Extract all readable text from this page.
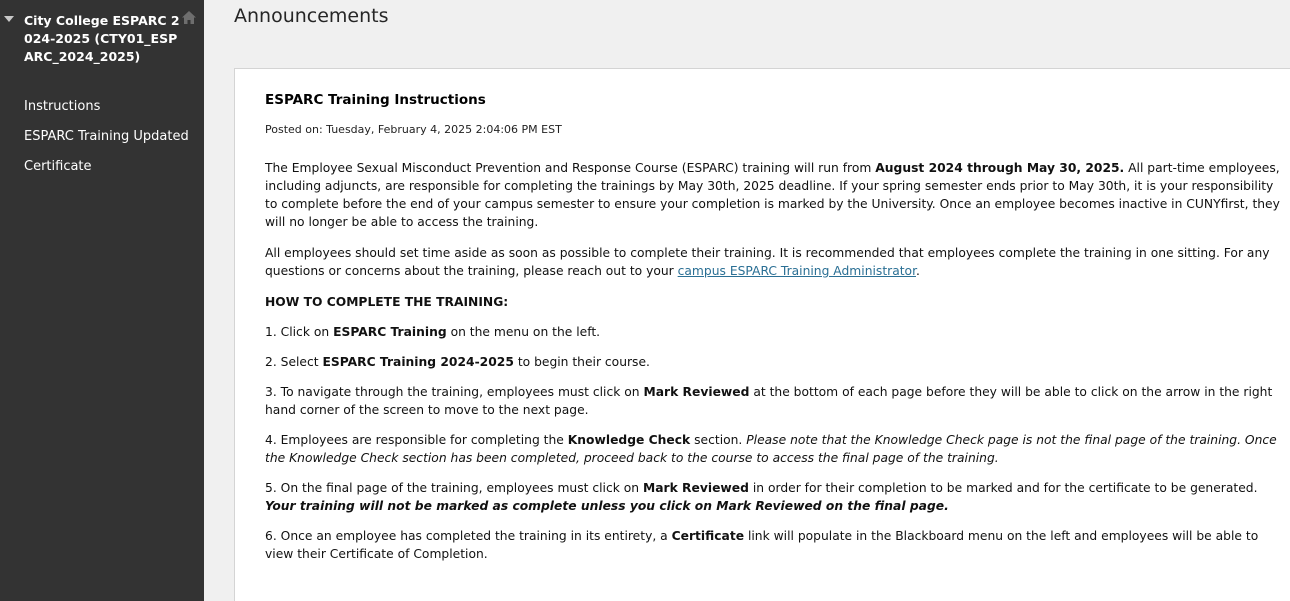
City College ESPARC 2024-2025 (CTY01_ESPARC_2024_2025)
Instructions
ESPARC Training Updated
Certificate
Announcements
ESPARC Training Instructions
Posted on: Tuesday, February 4, 2025 2:04:06 PM EST

The Employee Sexual Misconduct Prevention and Response Course (ESPARC) training will run from August 2024 through May 30, 2025. All part-time employees, including adjuncts, are responsible for completing the trainings by May 30th, 2025 deadline. If your spring semester ends prior to May 30th, it is your responsibility to complete before the end of your campus semester to ensure your completion is marked by the University. Once an employee becomes inactive in CUNYfirst, they will no longer be able to access the training.

All employees should set time aside as soon as possible to complete their training. It is recommended that employees complete the training in one sitting. For any questions or concerns about the training, please reach out to your campus ESPARC Training Administrator.

HOW TO COMPLETE THE TRAINING:

1. Click on ESPARC Training on the menu on the left.

2. Select ESPARC Training 2024-2025 to begin their course.

3. To navigate through the training, employees must click on Mark Reviewed at the bottom of each page before they will be able to click on the arrow in the right hand corner of the screen to move to the next page.

4. Employees are responsible for completing the Knowledge Check section. Please note that the Knowledge Check page is not the final page of the training. Once the Knowledge Check section has been completed, proceed back to the course to access the final page of the training.

5. On the final page of the training, employees must click on Mark Reviewed in order for their completion to be marked and for the certificate to be generated. Your training will not be marked as complete unless you click on Mark Reviewed on the final page.

6. Once an employee has completed the training in its entirety, a Certificate link will populate in the Blackboard menu on the left and employees will be able to view their Certificate of Completion.
